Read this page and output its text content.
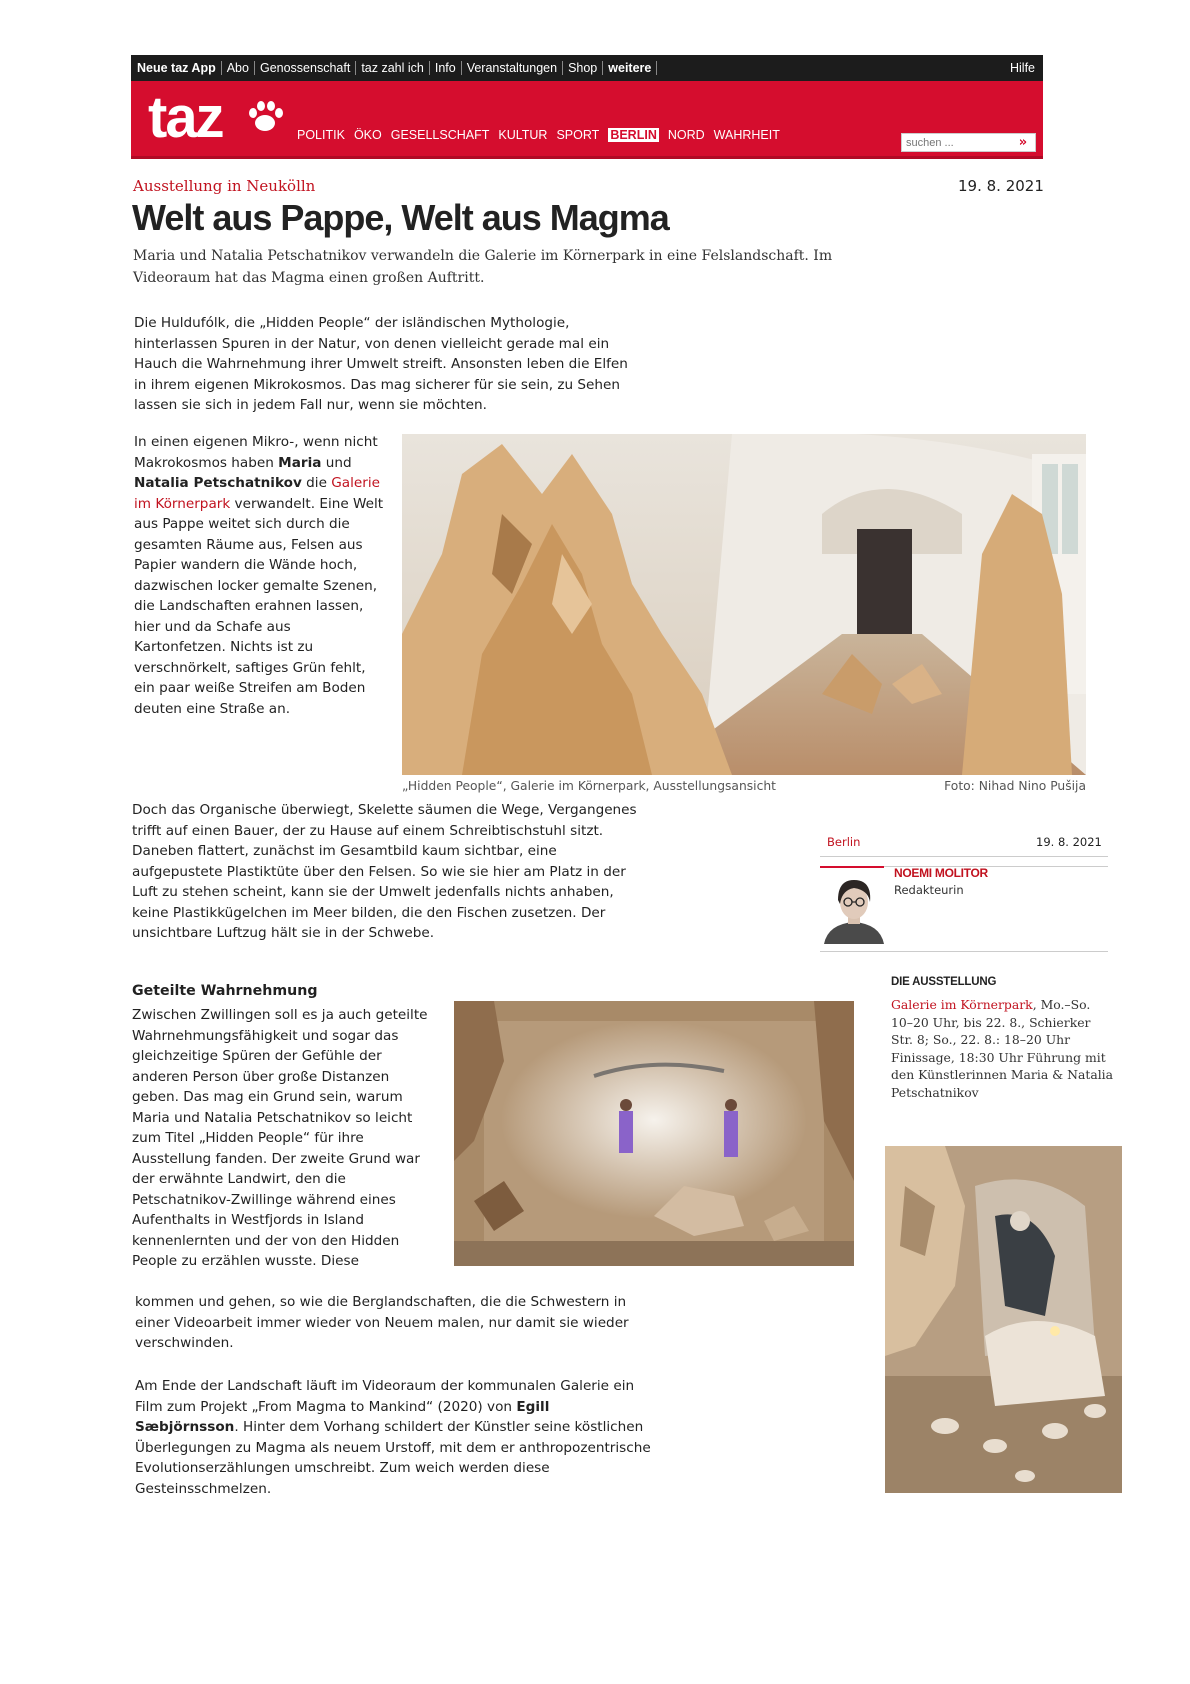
Neue taz App Abo Genossenschaft taz zahl ich Info Veranstaltungen Shop weitere	Hilfe
taz	POLITIK ÖKO GESELLSCHAFT KULTUR SPORT BERLIN NORD WAHRHEIT
suchen ...	»
Ausstellung in Neukölln	19. 8. 2021
Welt aus Pappe, Welt aus Magma

Maria und Natalia Petschatnikov verwandeln die Galerie im Körnerpark in eine Felslandschaft. Im Videoraum hat das Magma einen großen Auftritt.

Die Huldufólk, die „Hidden People“ der isländischen Mythologie, hinterlassen Spuren in der Natur, von denen vielleicht gerade mal ein Hauch die Wahrnehmung ihrer Umwelt streift. Ansonsten leben die Elfen in ihrem eigenen Mikrokosmos. Das mag sicherer für sie sein, zu Sehen lassen sie sich in jedem Fall nur, wenn sie möchten.

In einen eigenen Mikro-, wenn nicht Makrokosmos haben Maria und Natalia Petschatnikov die Galerie im Körnerpark verwandelt. Eine Welt aus Pappe weitet sich durch die gesamten Räume aus, Felsen aus Papier wandern die Wände hoch, dazwischen locker gemalte Szenen, die Landschaften erahnen lassen, hier und da Schafe aus Kartonfetzen. Nichts ist zu verschnörkelt, saftiges Grün fehlt, ein paar weiße Streifen am Boden deuten eine Straße an.

„Hidden People“, Galerie im Körnerpark, Ausstellungsansicht	Foto: Nihad Nino Pušija

Doch das Organische überwiegt, Skelette säumen die Wege, Vergangenes trifft auf einen Bauer, der zu Hause auf einem Schreibtischstuhl sitzt. Daneben flattert, zunächst im Gesamtbild kaum sichtbar, eine aufgepustete Plastiktüte über den Felsen. So wie sie hier am Platz in der Luft zu stehen scheint, kann sie der Umwelt jedenfalls nichts anhaben, keine Plastikkügelchen im Meer bilden, die den Fischen zusetzen. Der unsichtbare Luftzug hält sie in der Schwebe.

Geteilte Wahrnehmung

Zwischen Zwillingen soll es ja auch geteilte Wahrnehmungsfähigkeit und sogar das gleichzeitige Spüren der Gefühle der anderen Person über große Distanzen geben. Das mag ein Grund sein, warum Maria und Natalia Petschatnikov so leicht zum Titel „Hidden People“ für ihre Ausstellung fanden. Der zweite Grund war der erwähnte Landwirt, den die Petschatnikov-Zwillinge während eines Aufenthalts in Westfjords in Island kennenlernten und der von den Hidden People zu erzählen wusste. Diese

kommen und gehen, so wie die Berglandschaften, die die Schwestern in einer Videoarbeit immer wieder von Neuem malen, nur damit sie wieder verschwinden.

Am Ende der Landschaft läuft im Videoraum der kommunalen Galerie ein Film zum Projekt „From Magma to Mankind“ (2020) von Egill Sæbjörnsson. Hinter dem Vorhang schildert der Künstler seine köstlichen Überlegungen zu Magma als neuem Urstoff, mit dem er anthropozentrische Evolutionserzählungen umschreibt. Zum weich werden diese Gesteinsschmelzen.

Berlin	19. 8. 2021
NOEMI MOLITOR
Redakteurin
DIE AUSSTELLUNG

Galerie im Körnerpark, Mo.–So. 10–20 Uhr, bis 22. 8., Schierker Str. 8; So., 22. 8.: 18–20 Uhr Finissage, 18:30 Uhr Führung mit den Künstlerinnen Maria & Natalia Petschatnikov
